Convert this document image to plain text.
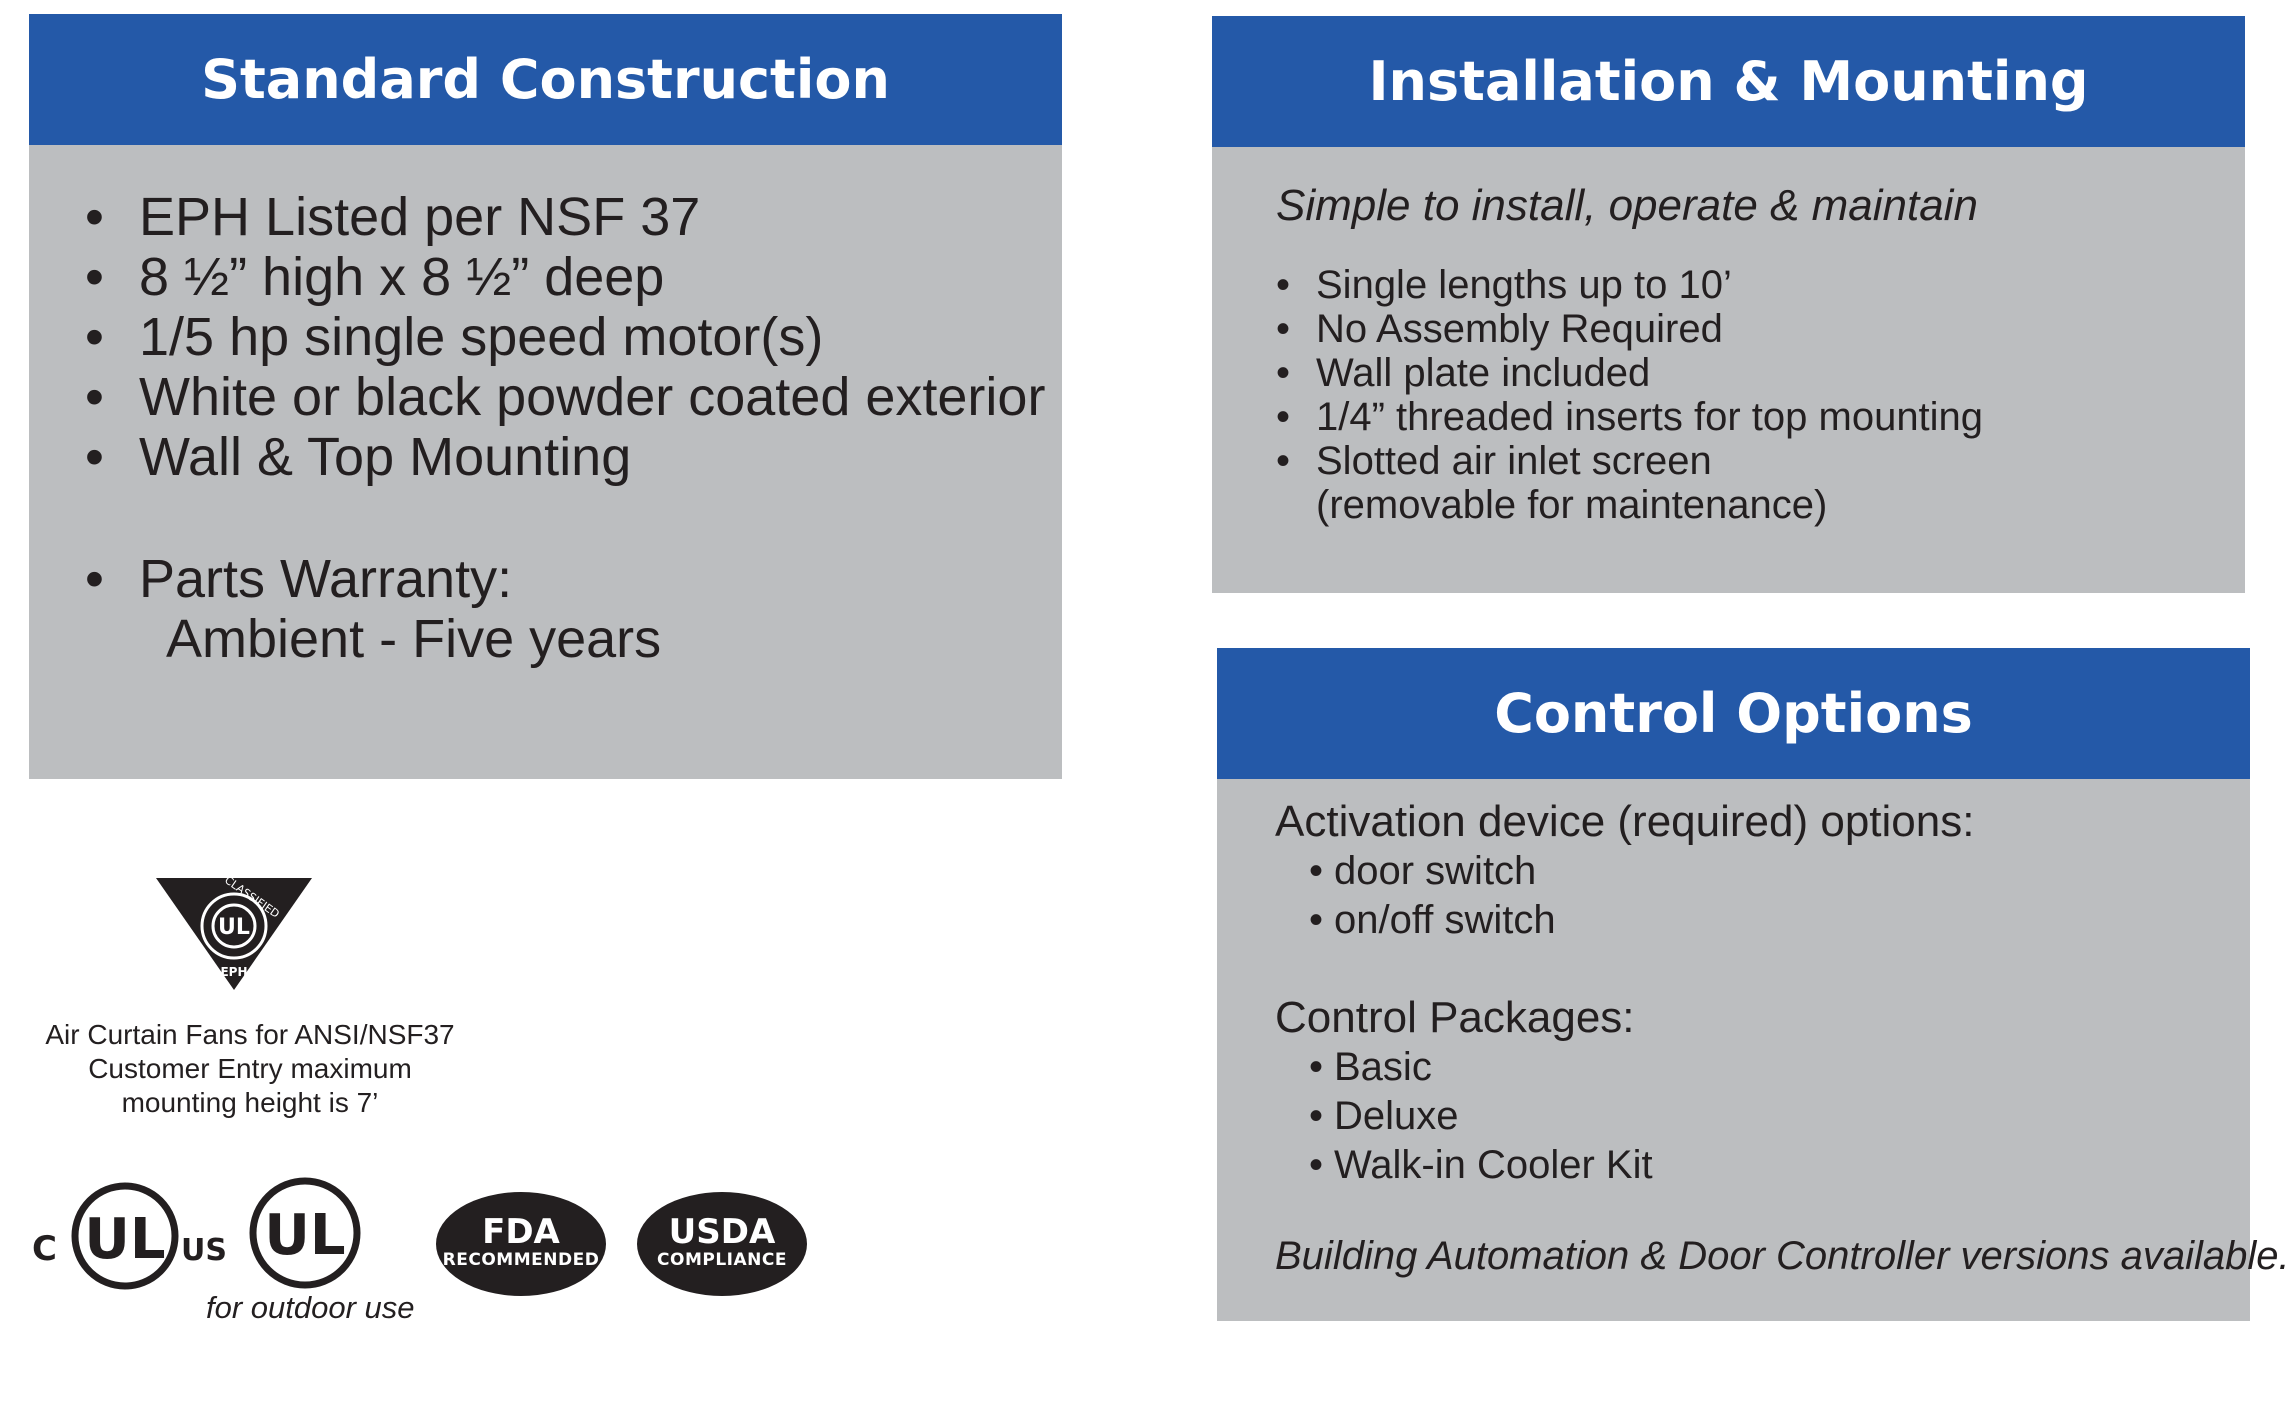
Standard Construction
• EPH Listed per NSF 37
• 8 ½” high x 8 ½” deep
• 1/5 hp single speed motor(s)
• White or black powder coated exterior
• Wall & Top Mounting
• Parts Warranty:
Ambient - Five years
Installation & Mounting
Simple to install, operate & maintain
• Single lengths up to 10’
• No Assembly Required
• Wall plate included
• 1/4” threaded inserts for top mounting
• Slotted air inlet screen
(removable for maintenance)
Control Options
Activation device (required) options:
• door switch
• on/off switch
Control Packages:
• Basic
• Deluxe
• Walk-in Cooler Kit
Building Automation & Door Controller versions available.
UL
CLASSIFIED
EPH
Air Curtain Fans for ANSI/NSF37
Customer Entry maximum
mounting height is 7’
C UL US UL
for outdoor use
FDA
RECOMMENDED
USDA
COMPLIANCE
